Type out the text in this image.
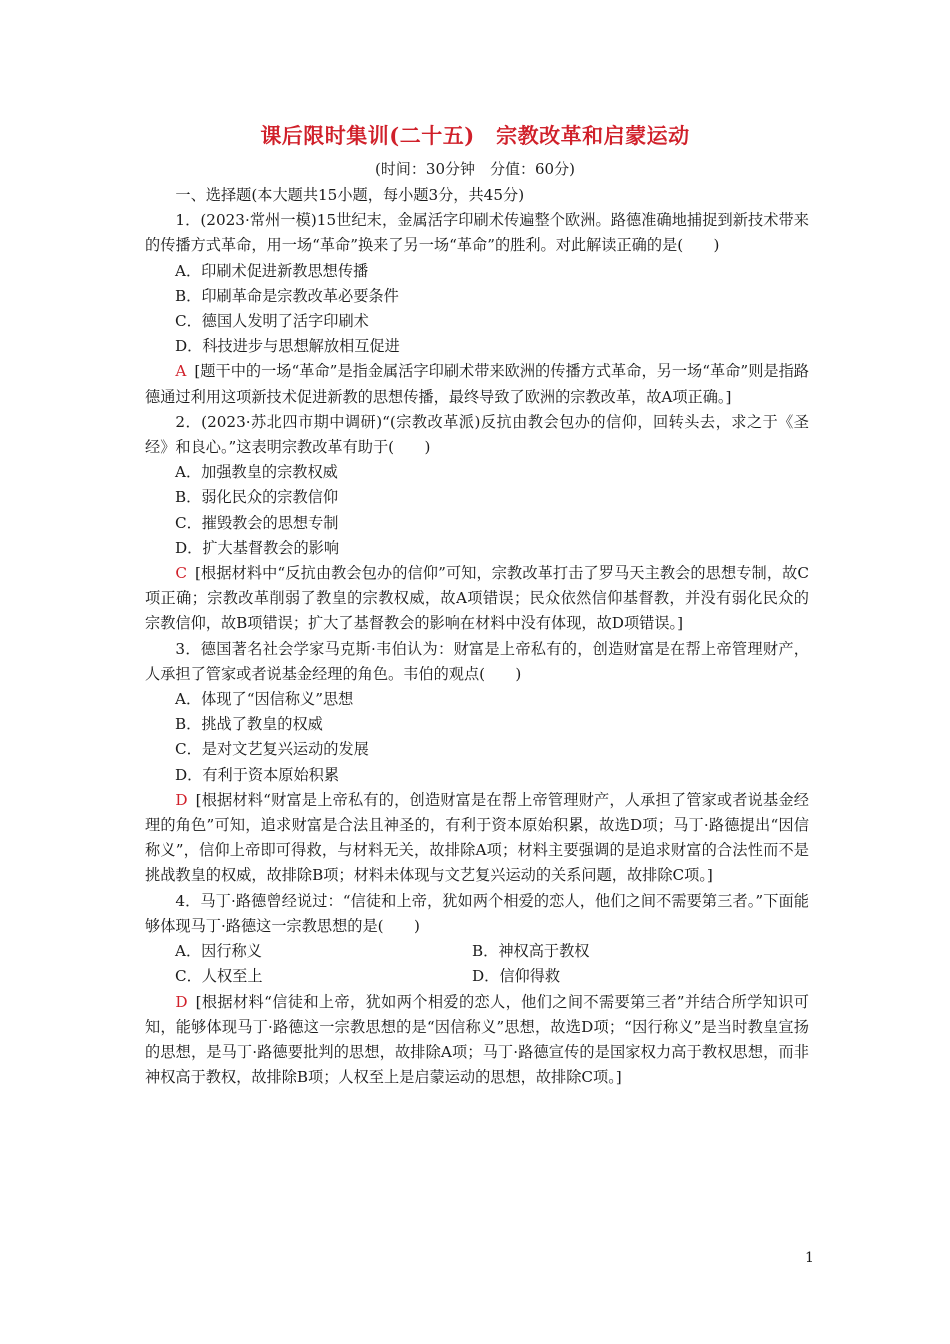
课后限时集训(二十五)　宗教改革和启蒙运动
(时间：30分钟　分值：60分)

一、选择题(本大题共15小题，每小题3分，共45分)

1．(2023·常州一模)15世纪末，金属活字印刷术传遍整个欧洲。路德准确地捕捉到新技术带来的传播方式革命，用一场“革命”换来了另一场“革命”的胜利。对此解读正确的是(　　)

A．印刷术促进新教思想传播

B．印刷革命是宗教改革必要条件

C．德国人发明了活字印刷术

D．科技进步与思想解放相互促进

A [题干中的一场“革命”是指金属活字印刷术带来欧洲的传播方式革命，另一场“革命”则是指路德通过利用这项新技术促进新教的思想传播，最终导致了欧洲的宗教改革，故A项正确。]

2．(2023·苏北四市期中调研)“(宗教改革派)反抗由教会包办的信仰，回转头去，求之于《圣经》和良心。”这表明宗教改革有助于(　　)

A．加强教皇的宗教权威

B．弱化民众的宗教信仰

C．摧毁教会的思想专制

D．扩大基督教会的影响

C [根据材料中“反抗由教会包办的信仰”可知，宗教改革打击了罗马天主教会的思想专制，故C项正确；宗教改革削弱了教皇的宗教权威，故A项错误；民众依然信仰基督教，并没有弱化民众的宗教信仰，故B项错误；扩大了基督教会的影响在材料中没有体现，故D项错误。]

3．德国著名社会学家马克斯·韦伯认为：财富是上帝私有的，创造财富是在帮上帝管理财产，人承担了管家或者说基金经理的角色。韦伯的观点(　　)

A．体现了“因信称义”思想

B．挑战了教皇的权威

C．是对文艺复兴运动的发展

D．有利于资本原始积累

D [根据材料“财富是上帝私有的，创造财富是在帮上帝管理财产，人承担了管家或者说基金经理的角色”可知，追求财富是合法且神圣的，有利于资本原始积累，故选D项；马丁·路德提出“因信称义”，信仰上帝即可得救，与材料无关，故排除A项；材料主要强调的是追求财富的合法性而不是挑战教皇的权威，故排除B项；材料未体现与文艺复兴运动的关系问题，故排除C项。]

4．马丁·路德曾经说过：“信徒和上帝，犹如两个相爱的恋人，他们之间不需要第三者。”下面能够体现马丁·路德这一宗教思想的是(　　)

A．因行称义	B．神权高于教权

C．人权至上	D．信仰得救

D [根据材料“信徒和上帝，犹如两个相爱的恋人，他们之间不需要第三者”并结合所学知识可知，能够体现马丁·路德这一宗教思想的是“因信称义”思想，故选D项；“因行称义”是当时教皇宣扬的思想，是马丁·路德要批判的思想，故排除A项；马丁·路德宣传的是国家权力高于教权思想，而非神权高于教权，故排除B项；人权至上是启蒙运动的思想，故排除C项。]

1
